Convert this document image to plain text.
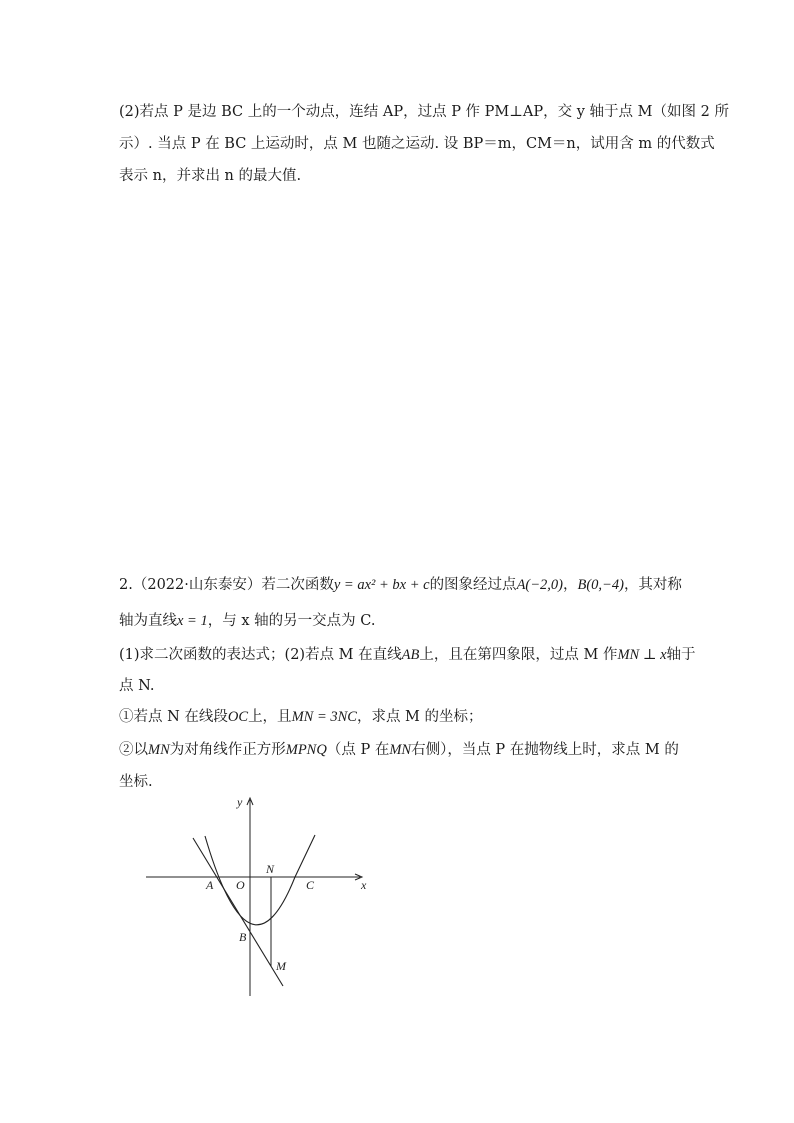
(2)若点 P 是边 BC 上的一个动点，连结 AP，过点 P 作 PM⊥AP，交 y 轴于点 M（如图 2 所
示）. 当点 P 在 BC 上运动时，点 M 也随之运动. 设 BP＝m，CM＝n，试用含 m 的代数式
表示 n，并求出 n 的最大值.
2.（2022·山东泰安）若二次函数y = ax² + bx + c的图象经过点A(−2,0)，B(0,−4)，其对称
轴为直线x = 1，与 x 轴的另一交点为 C.
(1)求二次函数的表达式；(2)若点 M 在直线AB上，且在第四象限，过点 M 作MN ⊥ x轴于
点 N.
①若点 N 在线段OC上，且MN = 3NC，求点 M 的坐标；
②以MN为对角线作正方形MPNQ（点 P 在MN右侧），当点 P 在抛物线上时，求点 M 的
坐标.
y
x
O
A
B
C
N
M
